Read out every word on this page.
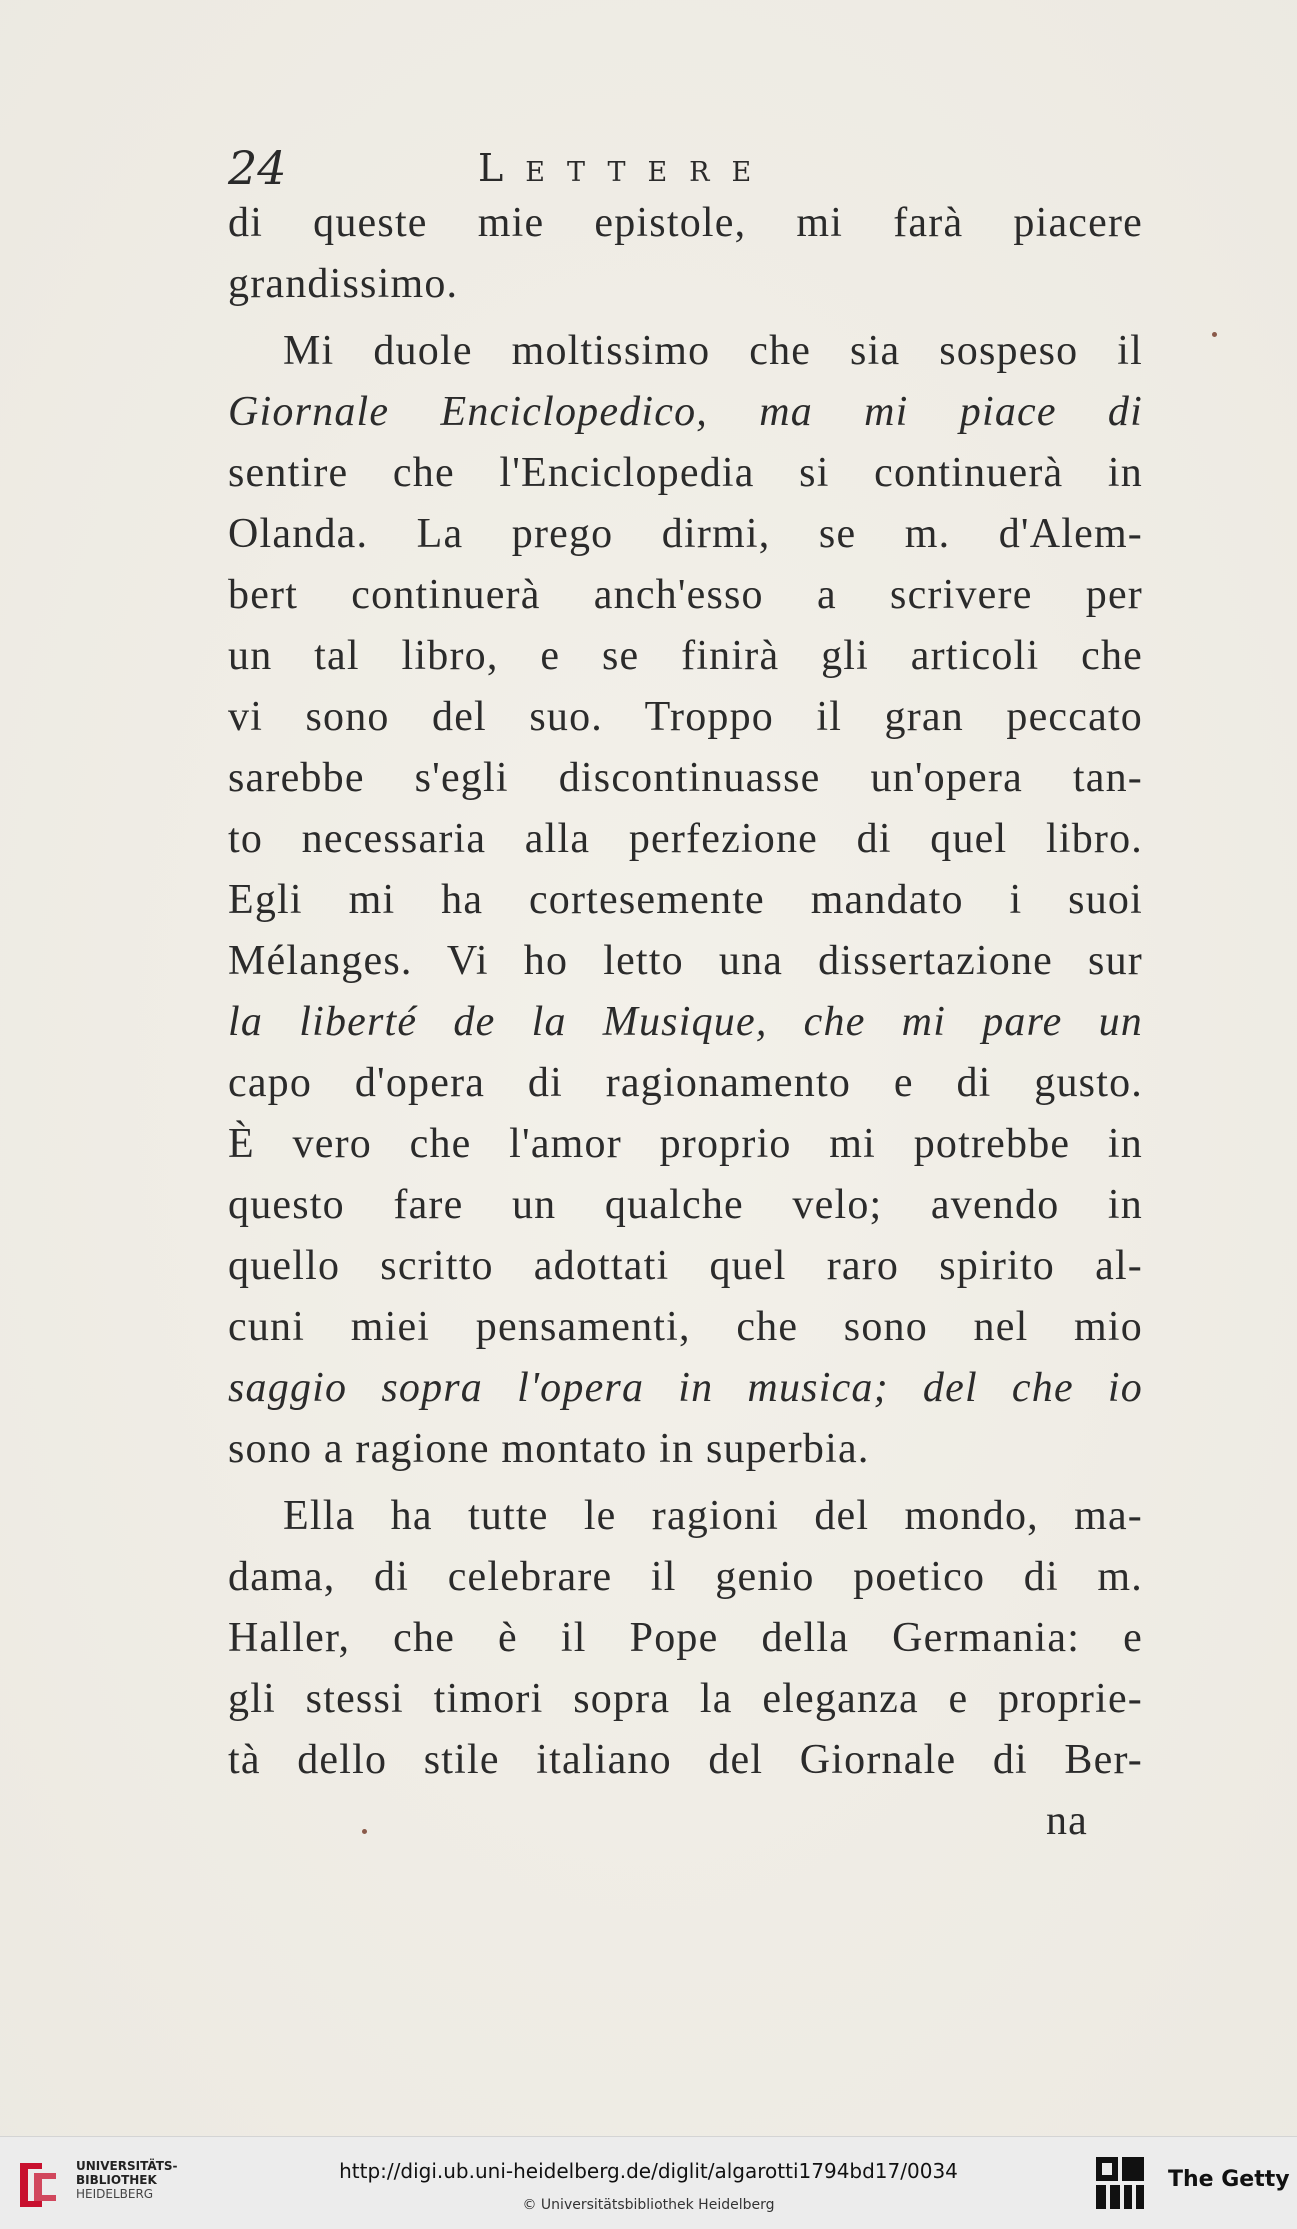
24	Lettere
di queste mie epistole, mi farà piacere
grandissimo.
Mi duole moltissimo che sia sospeso il
Giornale Enciclopedico, ma mi piace di
sentire che l'Enciclopedia si continuerà in
Olanda. La prego dirmi, se m. d'Alem-
bert continuerà anch'esso a scrivere per
un tal libro, e se finirà gli articoli che
vi sono del suo. Troppo il gran peccato
sarebbe s'egli discontinuasse un'opera tan-
to necessaria alla perfezione di quel libro.
Egli mi ha cortesemente mandato i suoi
Mélanges. Vi ho letto una dissertazione sur
la liberté de la Musique, che mi pare un
capo d'opera di ragionamento e di gusto.
È vero che l'amor proprio mi potrebbe in
questo fare un qualche velo; avendo in
quello scritto adottati quel raro spirito al-
cuni miei pensamenti, che sono nel mio
saggio sopra l'opera in musica; del che io
sono a ragione montato in superbia.
Ella ha tutte le ragioni del mondo, ma-
dama, di celebrare il genio poetico di m.
Haller, che è il Pope della Germania: e
gli stessi timori sopra la eleganza e proprie-
tà dello stile italiano del Giornale di Ber-
na
UNIVERSITÄTS-
BIBLIOTHEK
HEIDELBERG
http://digi.ub.uni-heidelberg.de/diglit/algarotti1794bd17/0034
© Universitätsbibliothek Heidelberg
The Getty
